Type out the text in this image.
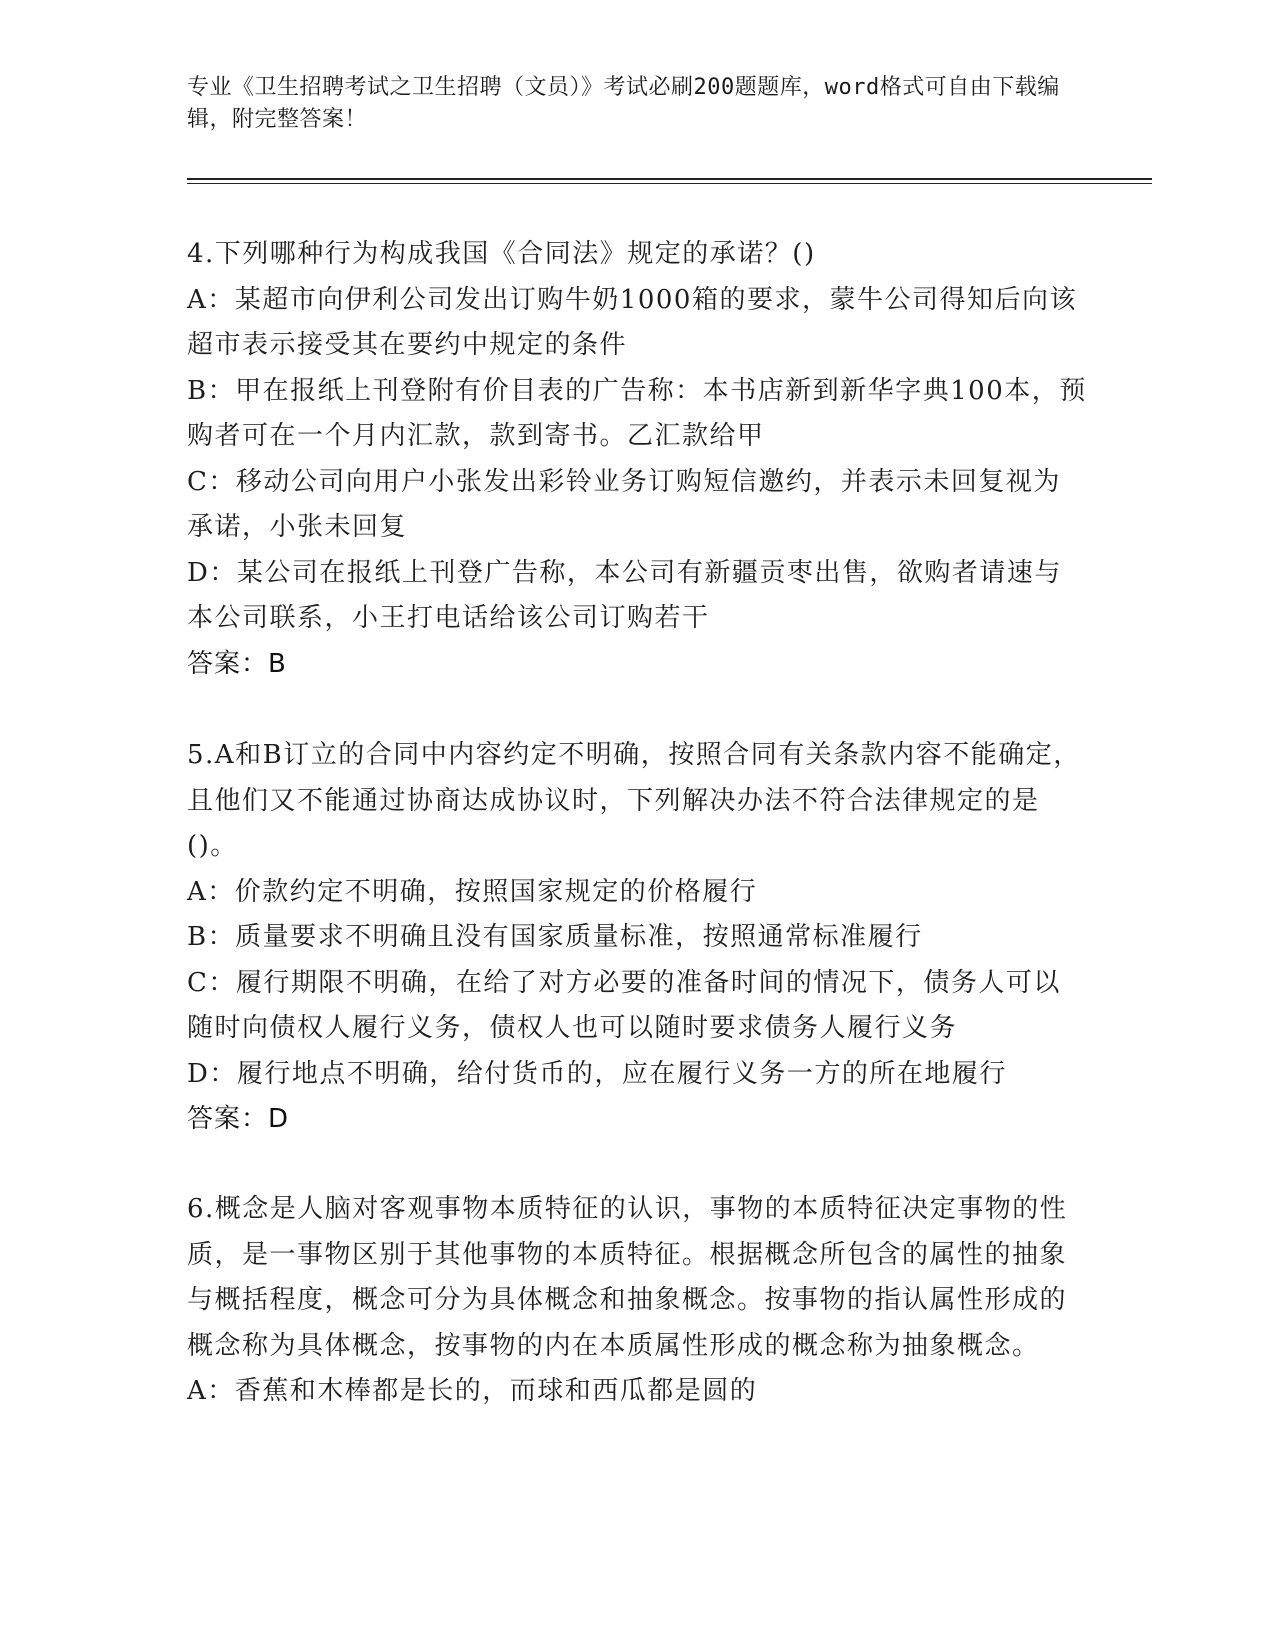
专业《卫生招聘考试之卫生招聘（文员）》考试必刷200题题库，word格式可自由下载编辑，附完整答案！

4.下列哪种行为构成我国《合同法》规定的承诺？()

A：某超市向伊利公司发出订购牛奶1000箱的要求，蒙牛公司得知后向该超市表示接受其在要约中规定的条件

B：甲在报纸上刊登附有价目表的广告称：本书店新到新华字典100本，预购者可在一个月内汇款，款到寄书。乙汇款给甲

C：移动公司向用户小张发出彩铃业务订购短信邀约，并表示未回复视为承诺，小张未回复

D：某公司在报纸上刊登广告称，本公司有新疆贡枣出售，欲购者请速与本公司联系，小王打电话给该公司订购若干

答案：B

5.A和B订立的合同中内容约定不明确，按照合同有关条款内容不能确定，且他们又不能通过协商达成协议时，下列解决办法不符合法律规定的是()。

A：价款约定不明确，按照国家规定的价格履行

B：质量要求不明确且没有国家质量标准，按照通常标准履行

C：履行期限不明确，在给了对方必要的准备时间的情况下，债务人可以随时向债权人履行义务，债权人也可以随时要求债务人履行义务

D：履行地点不明确，给付货币的，应在履行义务一方的所在地履行

答案：D

6.概念是人脑对客观事物本质特征的认识，事物的本质特征决定事物的性质，是一事物区别于其他事物的本质特征。根据概念所包含的属性的抽象与概括程度，概念可分为具体概念和抽象概念。按事物的指认属性形成的概念称为具体概念，按事物的内在本质属性形成的概念称为抽象概念。

A：香蕉和木棒都是长的，而球和西瓜都是圆的
